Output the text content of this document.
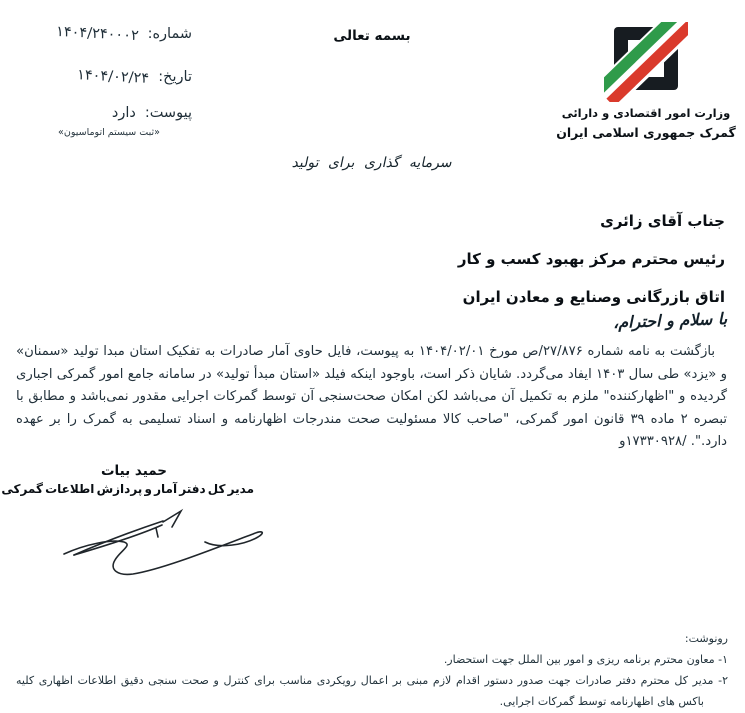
شماره:
۱۴۰۴/۲۴۰۰۰۲
تاریخ:
۱۴۰۴/۰۲/۲۴
پیوست:
دارد
«ثبت سیستم اتوماسیون»
بسمه تعالی
سرمایه گذاری برای تولید
وزارت امور اقتصادی و دارائی
گمرک جمهوری اسلامی ایران
جناب آقای زائری
رئیس محترم مرکز بهبود کسب و کار
اتاق بازرگانی وصنایع و معادن ایران
با سلام و احترام،
بازگشت به نامه شماره ۲۷/۸۷۶/ص مورخ ۱۴۰۴/۰۲/۰۱ به پیوست، فایل حاوی آمار صادرات به تفکیک استان مبدا تولید «سمنان» و «یزد» طی سال ۱۴۰۳ ایفاد می‌گردد. شایان ذکر است، باوجود اینکه فیلد «استان مبدأ تولید» در سامانه جامع امور گمرکی اجباری گردیده و "اظهارکننده" ملزم به تکمیل آن می‌باشد لکن امکان صحت‌سنجی آن توسط گمرکات اجرایی مقدور نمی‌باشد و مطابق با تبصره ۲ ماده ۳۹ قانون امور گمرکی، "صاحب کالا مسئولیت صحت مندرجات اظهارنامه و اسناد تسلیمی به گمرک را بر عهده دارد.". /۱۷۳۳۰۹۲۸و
حمید بیات
مدیر کل دفتر آمار و پردازش اطلاعات گمرکی
رونوشت:
۱- معاون محترم برنامه ریزی و امور بین الملل جهت استحضار.
۲- مدیر کل محترم دفتر صادرات جهت صدور دستور اقدام لازم مبنی بر اعمال رویکردی مناسب برای کنترل و صحت سنجی دقیق اطلاعات اظهاری کلیه باکس های اظهارنامه توسط گمرکات اجرایی.
